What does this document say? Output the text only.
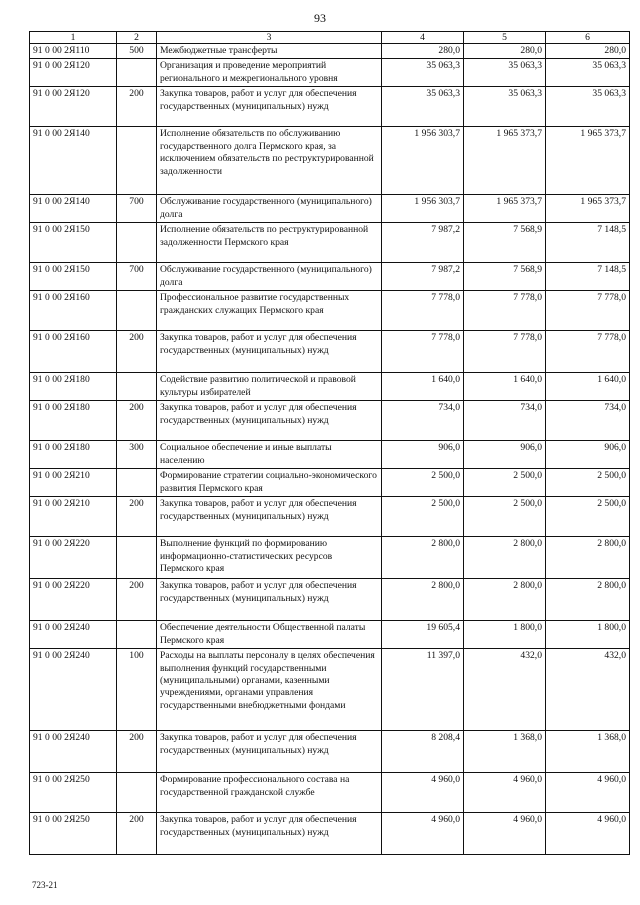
93
1	2	3	4	5	6
91 0 00 2Я110	500	Межбюджетные трансферты	280,0	280,0	280,0
91 0 00 2Я120		Организация и проведение мероприятий регионального и межрегионального уровня	35 063,3	35 063,3	35 063,3
91 0 00 2Я120	200	Закупка товаров, работ и услуг для обеспечения государственных (муниципальных) нужд	35 063,3	35 063,3	35 063,3
91 0 00 2Я140		Исполнение обязательств по обслуживанию государственного долга Пермского края, за исключением обязательств по реструктурированной задолженности	1 956 303,7	1 965 373,7	1 965 373,7
91 0 00 2Я140	700	Обслуживание государственного (муниципального) долга	1 956 303,7	1 965 373,7	1 965 373,7
91 0 00 2Я150		Исполнение обязательств по реструктурированной задолженности Пермского края	7 987,2	7 568,9	7 148,5
91 0 00 2Я150	700	Обслуживание государственного (муниципального) долга	7 987,2	7 568,9	7 148,5
91 0 00 2Я160		Профессиональное развитие государственных гражданских служащих Пермского края	7 778,0	7 778,0	7 778,0
91 0 00 2Я160	200	Закупка товаров, работ и услуг для обеспечения государственных (муниципальных) нужд	7 778,0	7 778,0	7 778,0
91 0 00 2Я180		Содействие развитию политической и правовой культуры избирателей	1 640,0	1 640,0	1 640,0
91 0 00 2Я180	200	Закупка товаров, работ и услуг для обеспечения государственных (муниципальных) нужд	734,0	734,0	734,0
91 0 00 2Я180	300	Социальное обеспечение и иные выплаты населению	906,0	906,0	906,0
91 0 00 2Я210		Формирование стратегии социально-экономического развития Пермского края	2 500,0	2 500,0	2 500,0
91 0 00 2Я210	200	Закупка товаров, работ и услуг для обеспечения государственных (муниципальных) нужд	2 500,0	2 500,0	2 500,0
91 0 00 2Я220		Выполнение функций по формированию информационно-статистических ресурсов Пермского края	2 800,0	2 800,0	2 800,0
91 0 00 2Я220	200	Закупка товаров, работ и услуг для обеспечения государственных (муниципальных) нужд	2 800,0	2 800,0	2 800,0
91 0 00 2Я240		Обеспечение деятельности Общественной палаты Пермского края	19 605,4	1 800,0	1 800,0
91 0 00 2Я240	100	Расходы на выплаты персоналу в целях обеспечения выполнения функций государственными (муниципальными) органами, казенными учреждениями, органами управления государственными внебюджетными фондами	11 397,0	432,0	432,0
91 0 00 2Я240	200	Закупка товаров, работ и услуг для обеспечения государственных (муниципальных) нужд	8 208,4	1 368,0	1 368,0
91 0 00 2Я250		Формирование профессионального состава на государственной гражданской службе	4 960,0	4 960,0	4 960,0
91 0 00 2Я250	200	Закупка товаров, работ и услуг для обеспечения государственных (муниципальных) нужд	4 960,0	4 960,0	4 960,0
723-21
